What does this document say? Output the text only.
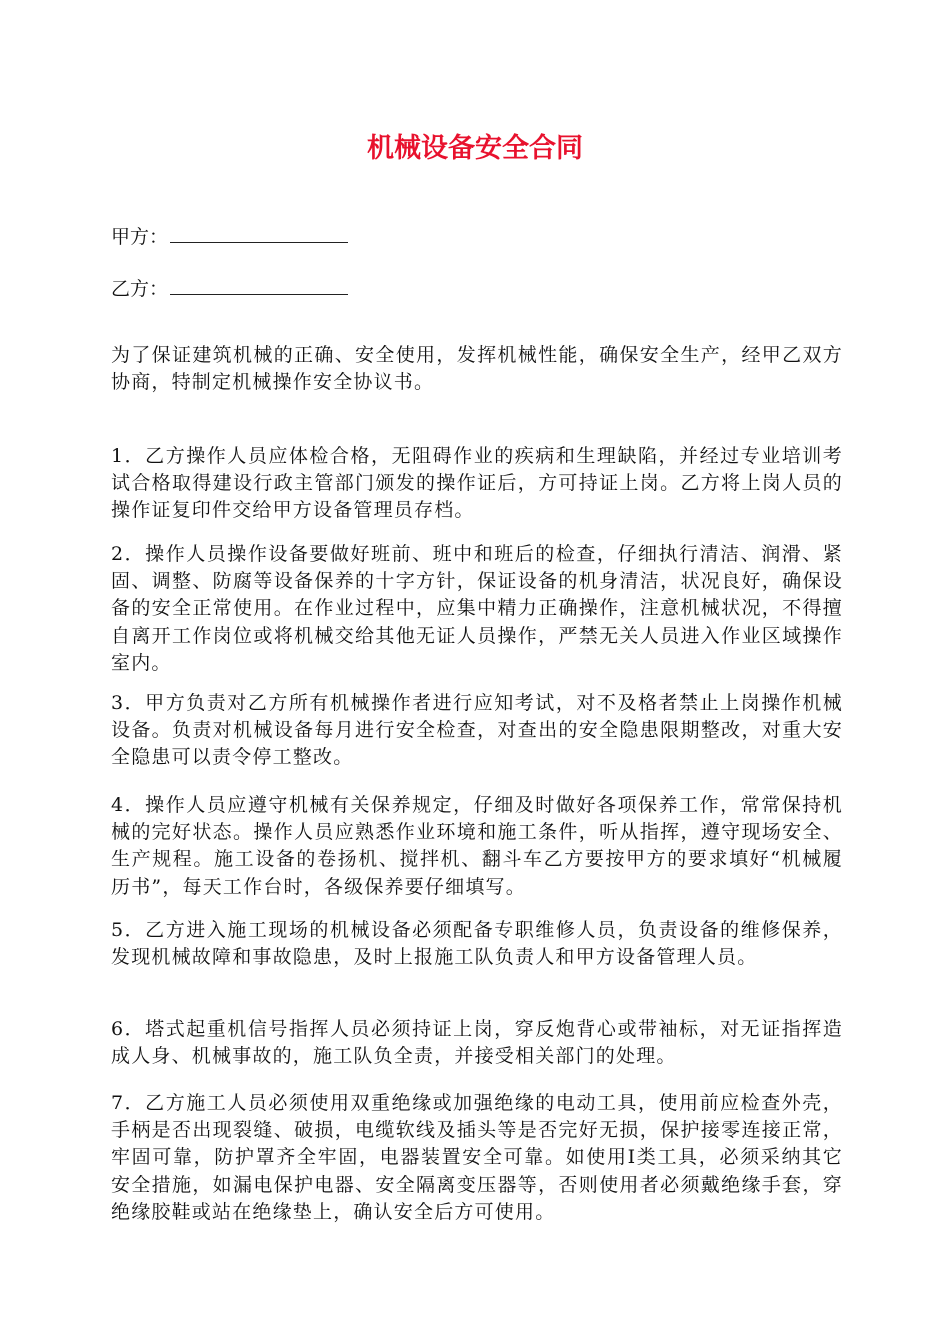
机械设备安全合同
甲方：
乙方：

为了保证建筑机械的正确、安全使用，发挥机械性能，确保安全生产，经甲乙双方协商，特制定机械操作安全协议书。

1．乙方操作人员应体检合格，无阻碍作业的疾病和生理缺陷，并经过专业培训考试合格取得建设行政主管部门颁发的操作证后，方可持证上岗。乙方将上岗人员的操作证复印件交给甲方设备管理员存档。

2．操作人员操作设备要做好班前、班中和班后的检查，仔细执行清洁、润滑、紧固、调整、防腐等设备保养的十字方针，保证设备的机身清洁，状况良好，确保设备的安全正常使用。在作业过程中，应集中精力正确操作，注意机械状况，不得擅自离开工作岗位或将机械交给其他无证人员操作，严禁无关人员进入作业区域操作室内。

3．甲方负责对乙方所有机械操作者进行应知考试，对不及格者禁止上岗操作机械设备。负责对机械设备每月进行安全检查，对查出的安全隐患限期整改，对重大安全隐患可以责令停工整改。

4．操作人员应遵守机械有关保养规定，仔细及时做好各项保养工作，常常保持机械的完好状态。操作人员应熟悉作业环境和施工条件，听从指挥，遵守现场安全、生产规程。施工设备的卷扬机、搅拌机、翻斗车乙方要按甲方的要求填好“机械履历书”，每天工作台时，各级保养要仔细填写。

5．乙方进入施工现场的机械设备必须配备专职维修人员，负责设备的维修保养，发现机械故障和事故隐患，及时上报施工队负责人和甲方设备管理人员。

6．塔式起重机信号指挥人员必须持证上岗，穿反炮背心或带袖标，对无证指挥造成人身、机械事故的，施工队负全责，并接受相关部门的处理。

7．乙方施工人员必须使用双重绝缘或加强绝缘的电动工具，使用前应检查外壳，手柄是否出现裂缝、破损，电缆软线及插头等是否完好无损，保护接零连接正常，牢固可靠，防护罩齐全牢固，电器装置安全可靠。如使用Ⅰ类工具，必须采纳其它安全措施，如漏电保护电器、安全隔离变压器等，否则使用者必须戴绝缘手套，穿绝缘胶鞋或站在绝缘垫上，确认安全后方可使用。
